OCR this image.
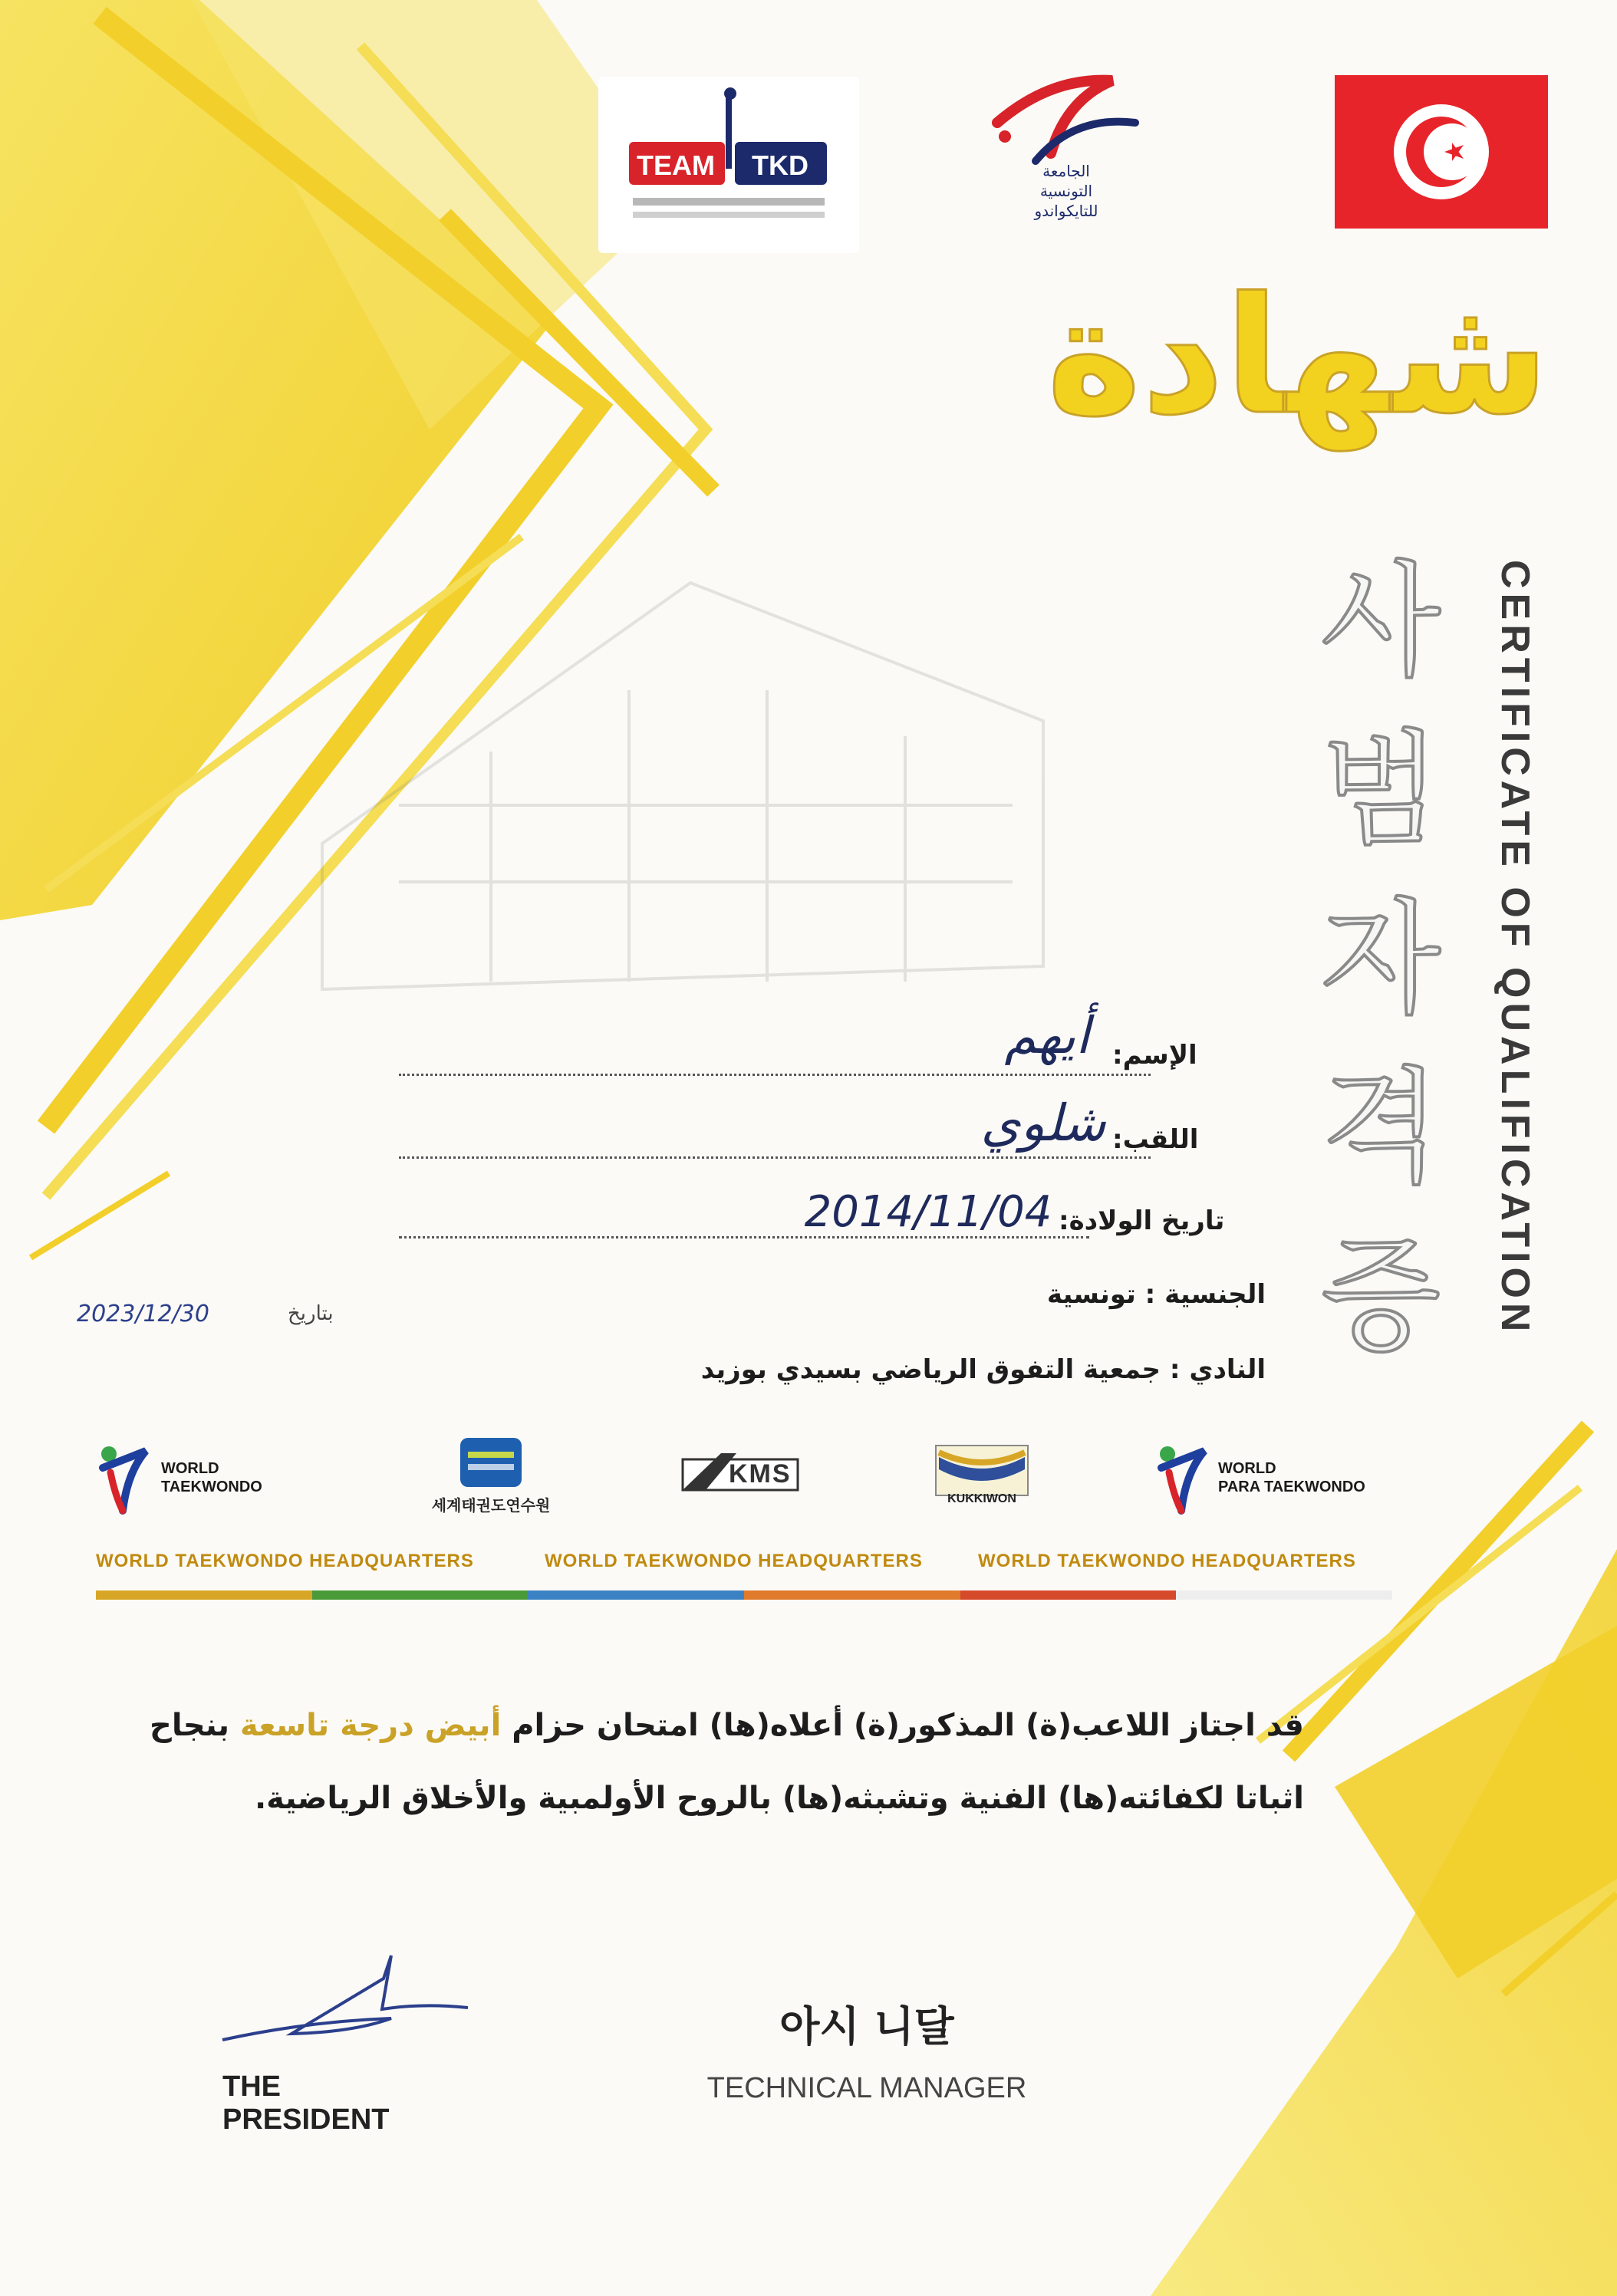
TEAM TKD	الجامعة
التونسية
للتايكواندو
شهادة
사
범
자
격
증	CERTIFICATE OF QUALIFICATION
الإسم:
أيهم
اللقب:
شلوي
تاريخ الولادة:
2014/11/04
الجنسية : تونسية
النادي : جمعية التفوق الرياضي بسيدي بوزيد
2023/12/30	بتاريخ
WORLD
TAEKWONDO
세계태권도연수원
KMS
KUKKIWON
WORLD
PARA TAEKWONDO
WORLD TAEKWONDO HEADQUARTERS	WORLD TAEKWONDO HEADQUARTERS	WORLD TAEKWONDO HEADQUARTERS
قد اجتاز اللاعب(ة) المذكور(ة) أعلاه(ها) امتحان حزام أبيض درجة تاسعة بنجاح
اثباتا لكفائته(ها) الفنية وتشبثه(ها) بالروح الأولمبية والأخلاق الرياضية.
THE PRESIDENT
아시 니달
TECHNICAL MANAGER
